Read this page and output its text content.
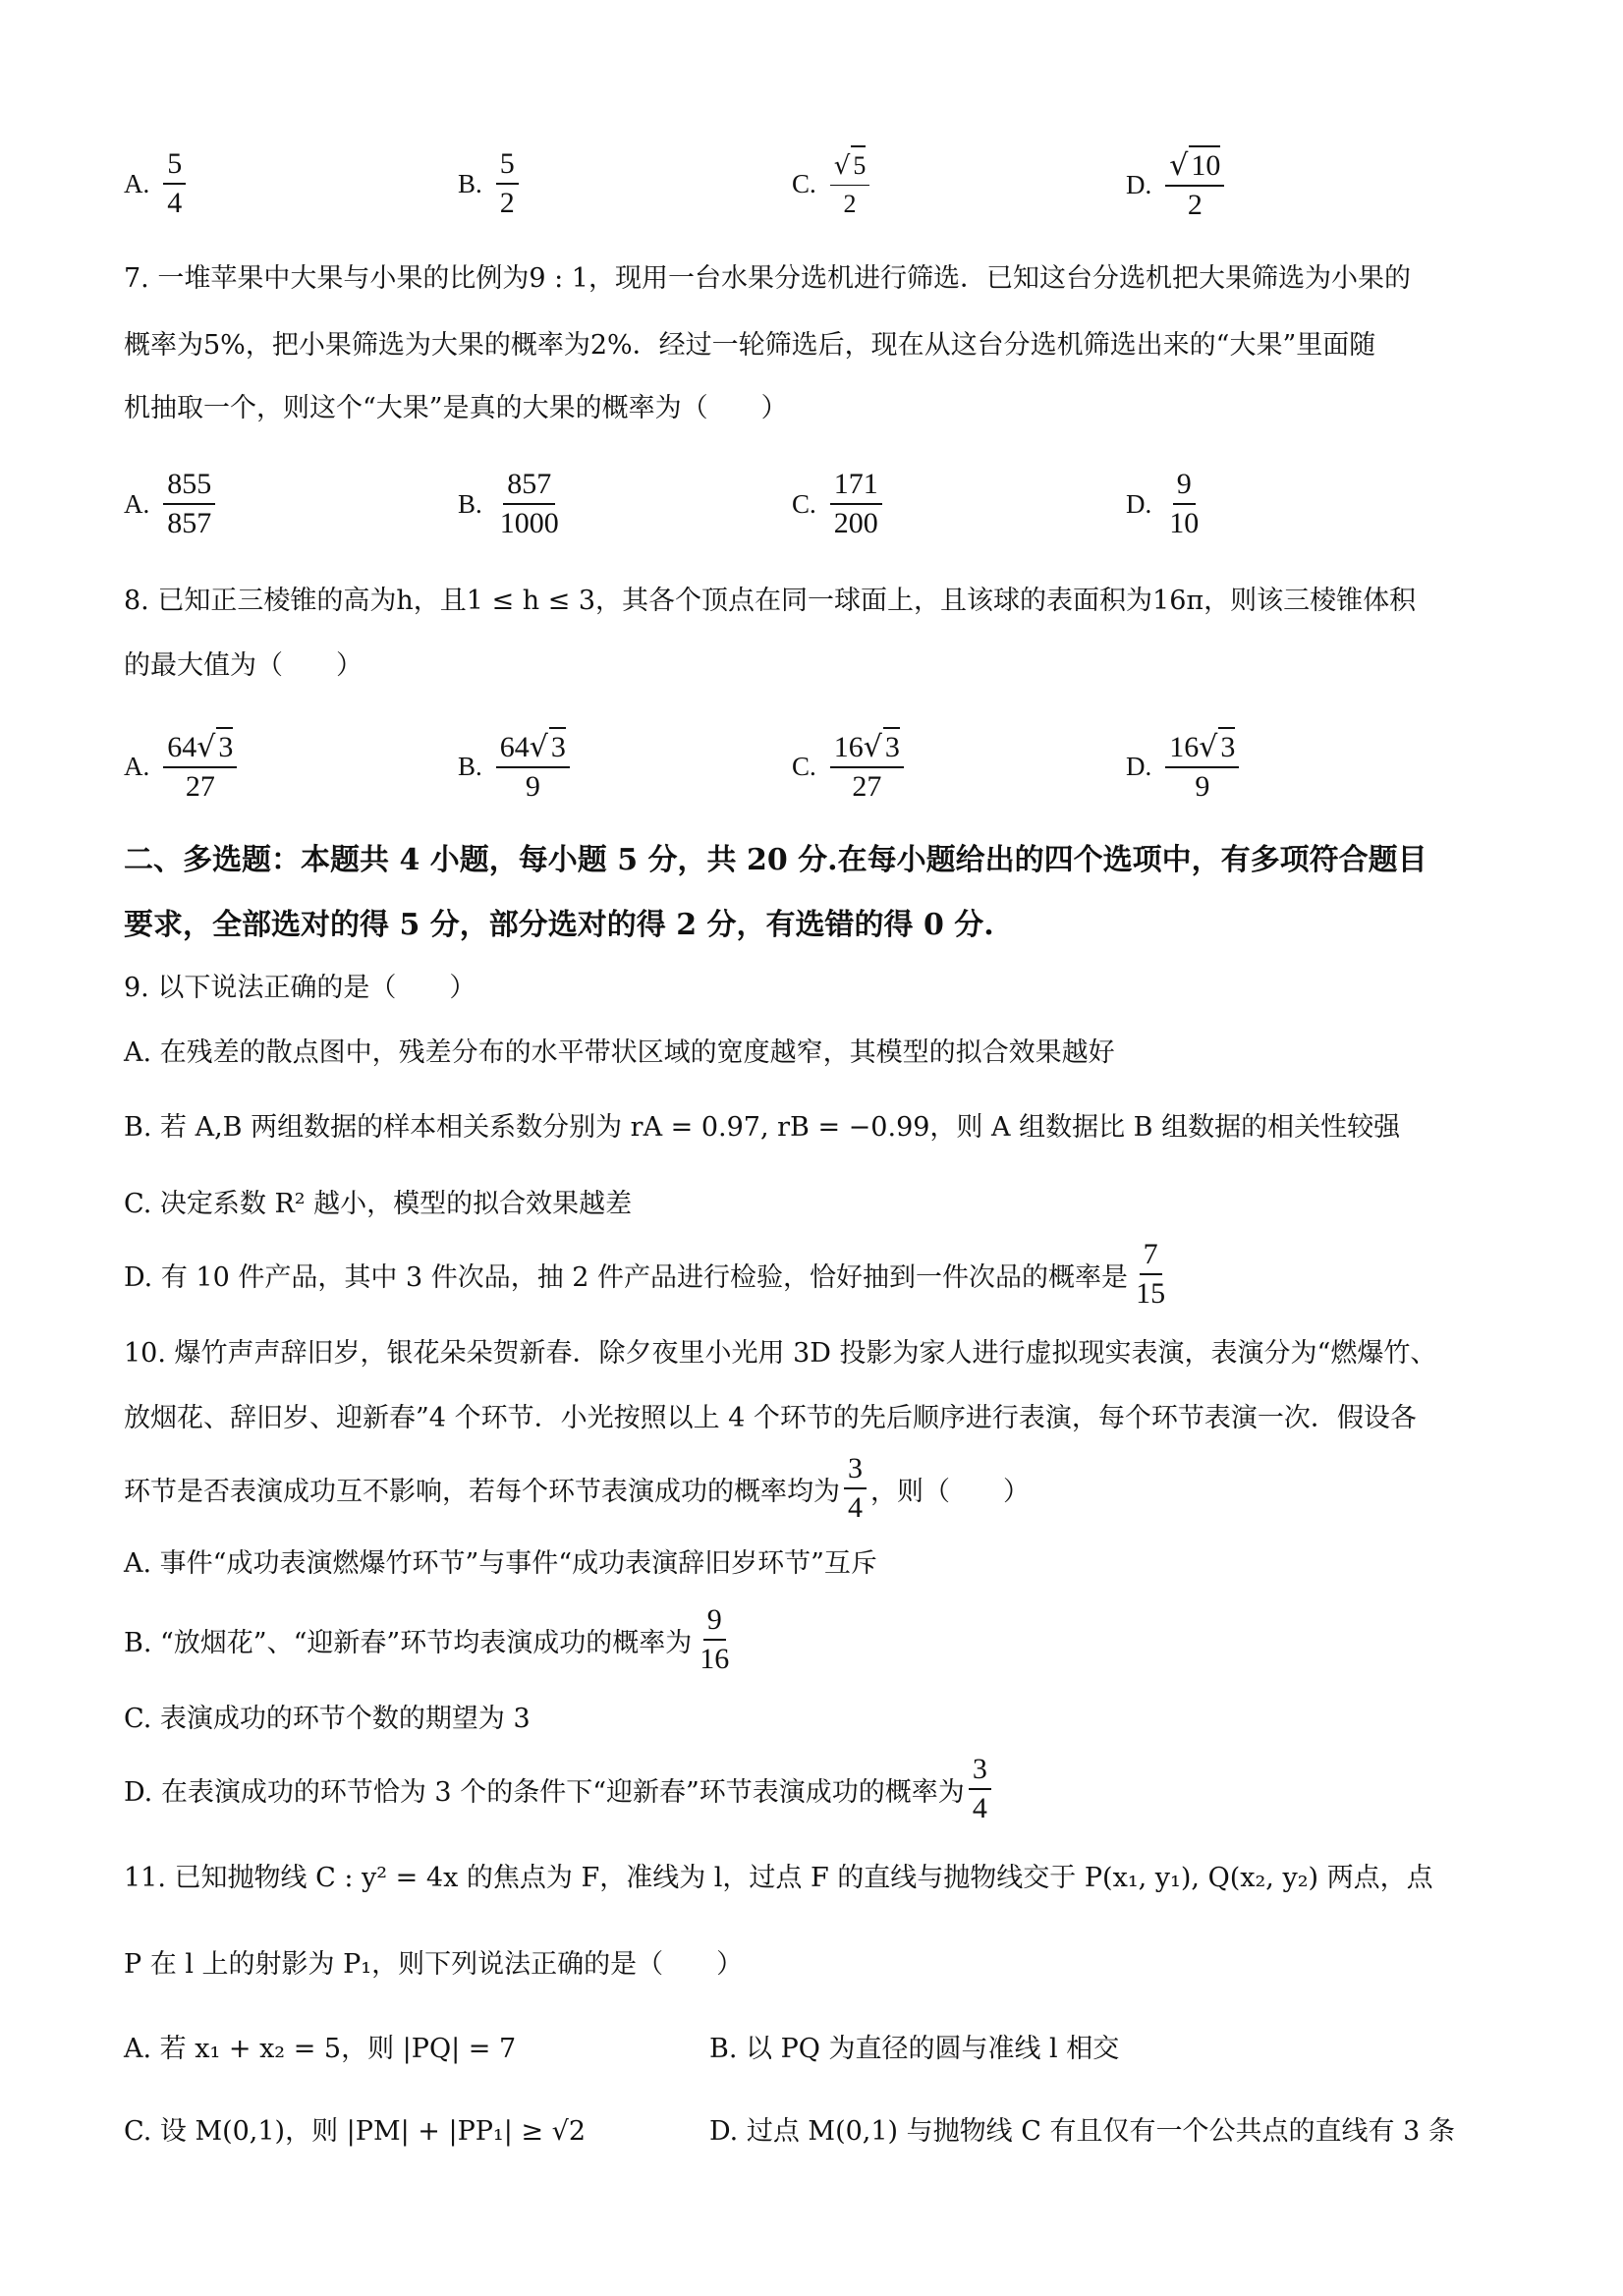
A. $\frac{5}{4}$	B. $\frac{5}{2}$	C. $\frac{√ 5}{2}$	D. $\frac{√ 10}{2}$
7. 一堆苹果中大果与小果的比例为9 : 1，现用一台水果分选机进行筛选．已知这台分选机把大果筛选为小果的
概率为5%，把小果筛选为大果的概率为2%．经过一轮筛选后，现在从这台分选机筛选出来的“大果”里面随
机抽取一个，则这个“大果”是真的大果的概率为（　　）
A. $\frac{855}{857}$	B. $\frac{857}{1000}$	C. $\frac{171}{200}$	D. $\frac{9}{10}$
8. 已知正三棱锥的高为h，且1 ≤ h ≤ 3，其各个顶点在同一球面上，且该球的表面积为16π，则该三棱锥体积
的最大值为（　　）
A. $\frac{64√ 3}{27}$	B. $\frac{64√ 3}{9}$	C. $\frac{16√ 3}{27}$	D. $\frac{16√ 3}{9}$
二、多选题：本题共 4 小题，每小题 5 分，共 20 分.在每小题给出的四个选项中，有多项符合题目
要求，全部选对的得 5 分，部分选对的得 2 分，有选错的得 0 分.
9. 以下说法正确的是（　　）
A. 在残差的散点图中，残差分布的水平带状区域的宽度越窄，其模型的拟合效果越好
B. 若 A,B 两组数据的样本相关系数分别为 rA = 0.97, rB = −0.99，则 A 组数据比 B 组数据的相关性较强
C. 决定系数 R² 越小，模型的拟合效果越差
D. 有 10 件产品，其中 3 件次品，抽 2 件产品进行检验，恰好抽到一件次品的概率是 $\frac{7}{15}$
10. 爆竹声声辞旧岁，银花朵朵贺新春．除夕夜里小光用 3D 投影为家人进行虚拟现实表演，表演分为“燃爆竹、
放烟花、辞旧岁、迎新春”4 个环节．小光按照以上 4 个环节的先后顺序进行表演，每个环节表演一次．假设各
环节是否表演成功互不影响，若每个环节表演成功的概率均为 $\frac{3}{4}$ ，则（　　）
A. 事件“成功表演燃爆竹环节”与事件“成功表演辞旧岁环节”互斥
B. “放烟花”、“迎新春”环节均表演成功的概率为 $\frac{9}{16}$
C. 表演成功的环节个数的期望为 3
D. 在表演成功的环节恰为 3 个的条件下“迎新春”环节表演成功的概率为 $\frac{3}{4}$
11. 已知抛物线 C : y² = 4x 的焦点为 F，准线为 l，过点 F 的直线与抛物线交于 P(x₁, y₁), Q(x₂, y₂) 两点，点
P 在 l 上的射影为 P₁，则下列说法正确的是（　　）
A. 若 x₁ + x₂ = 5，则 |PQ| = 7	B. 以 PQ 为直径的圆与准线 l 相交
C. 设 M(0,1)，则 |PM| + |PP₁| ≥ √2	D. 过点 M(0,1) 与抛物线 C 有且仅有一个公共点的直线有 3 条
